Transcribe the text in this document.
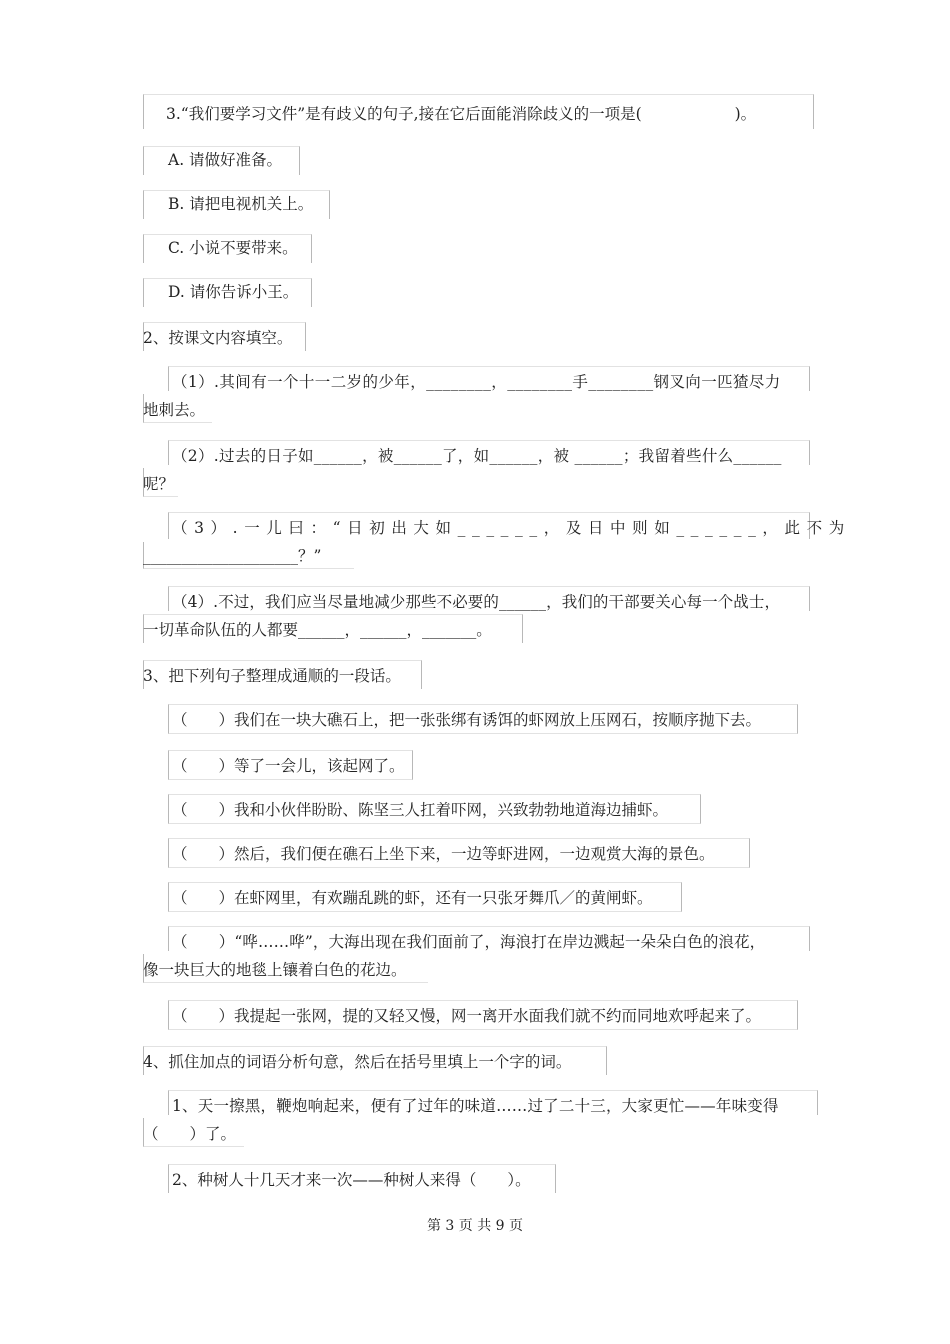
3.“我们要学习文件”是有歧义的句子,接在它后面能消除歧义的一项是(　　　　　　)。
A. 请做好准备。
B. 请把电视机关上。
C. 小说不要带来。
D. 请你告诉小王。
2、按课文内容填空。
（1）.其间有一个十一二岁的少年，________，________手________钢叉向一匹猹尽力
地刺去。
（2）.过去的日子如______，被______了，如______，被 ______；我留着些什么______
呢？
（3）.一儿曰：“日初出大如______，及日中则如______，此不为
____________________？”
（4）.不过，我们应当尽量地减少那些不必要的______，我们的干部要关心每一个战士，
一切革命队伍的人都要______，______，_______。
3、把下列句子整理成通顺的一段话。
（　　）我们在一块大礁石上，把一张张绑有诱饵的虾网放上压网石，按顺序抛下去。
（　　）等了一会儿，该起网了。
（　　）我和小伙伴盼盼、陈坚三人扛着吓网，兴致勃勃地道海边捕虾。
（　　）然后，我们便在礁石上坐下来，一边等虾进网，一边观赏大海的景色。
（　　）在虾网里，有欢蹦乱跳的虾，还有一只张牙舞爪／的黄闸虾。
（　　）“哗……哗”，大海出现在我们面前了，海浪打在岸边溅起一朵朵白色的浪花，
像一块巨大的地毯上镶着白色的花边。
（　　）我提起一张网，提的又轻又慢，网一离开水面我们就不约而同地欢呼起来了。
4、抓住加点的词语分析句意，然后在括号里填上一个字的词。
1、天一擦黑，鞭炮响起来，便有了过年的味道……过了二十三，大家更忙——年味变得
（　　）了。
2、种树人十几天才来一次——种树人来得（　　）。
第 3 页 共 9 页
